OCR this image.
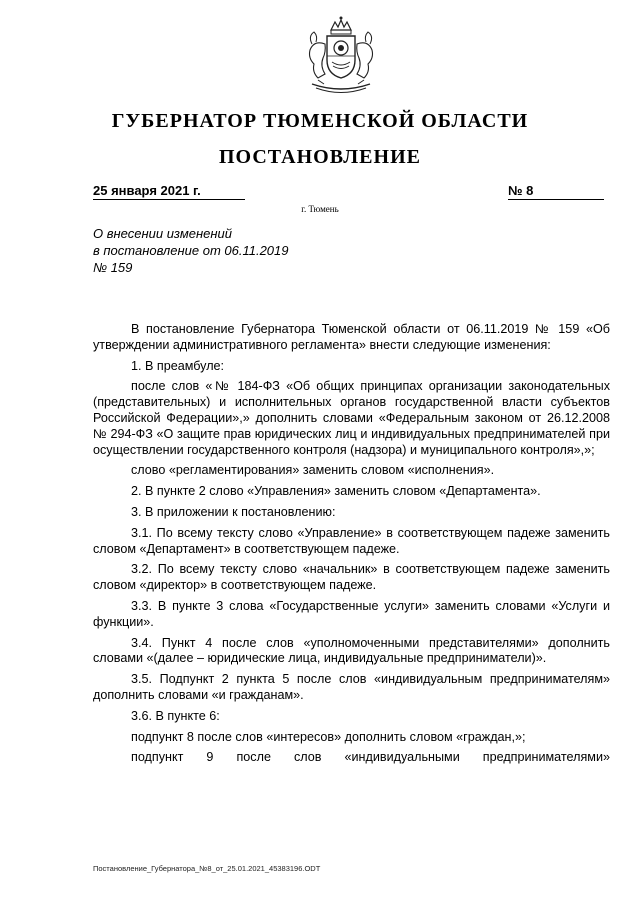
ГУБЕРНАТОР ТЮМЕНСКОЙ ОБЛАСТИ
ПОСТАНОВЛЕНИЕ
25 января 2021 г.	№ 8
г. Тюмень
О внесении изменений
в постановление от 06.11.2019
№ 159

В постановление Губернатора Тюменской области от 06.11.2019 № 159 «Об утверждении административного регламента» внести следующие изменения:

1. В преамбуле:

после слов «№ 184-ФЗ «Об общих принципах организации законодательных (представительных) и исполнительных органов государственной власти субъектов Российской Федерации»,» дополнить словами «Федеральным законом от 26.12.2008 № 294-ФЗ «О защите прав юридических лиц и индивидуальных предпринимателей при осуществлении государственного контроля (надзора) и муниципального контроля»,»;

слово «регламентирования» заменить словом «исполнения».

2. В пункте 2 слово «Управления» заменить словом «Департамента».

3. В приложении к постановлению:

3.1. По всему тексту слово «Управление» в соответствующем падеже заменить словом «Департамент» в соответствующем падеже.

3.2. По всему тексту слово «начальник» в соответствующем падеже заменить словом «директор» в соответствующем падеже.

3.3. В пункте 3 слова «Государственные услуги» заменить словами «Услуги и функции».

3.4. Пункт 4 после слов «уполномоченными представителями» дополнить словами «(далее – юридические лица, индивидуальные предприниматели)».

3.5. Подпункт 2 пункта 5 после слов «индивидуальным предпринимателям» дополнить словами «и гражданам».

3.6. В пункте 6:

подпункт 8 после слов «интересов» дополнить словом «граждан,»;

подпункт 9 после слов «индивидуальными предпринимателями»

Постановление_Губернатора_№8_от_25.01.2021_45383196.ODT
